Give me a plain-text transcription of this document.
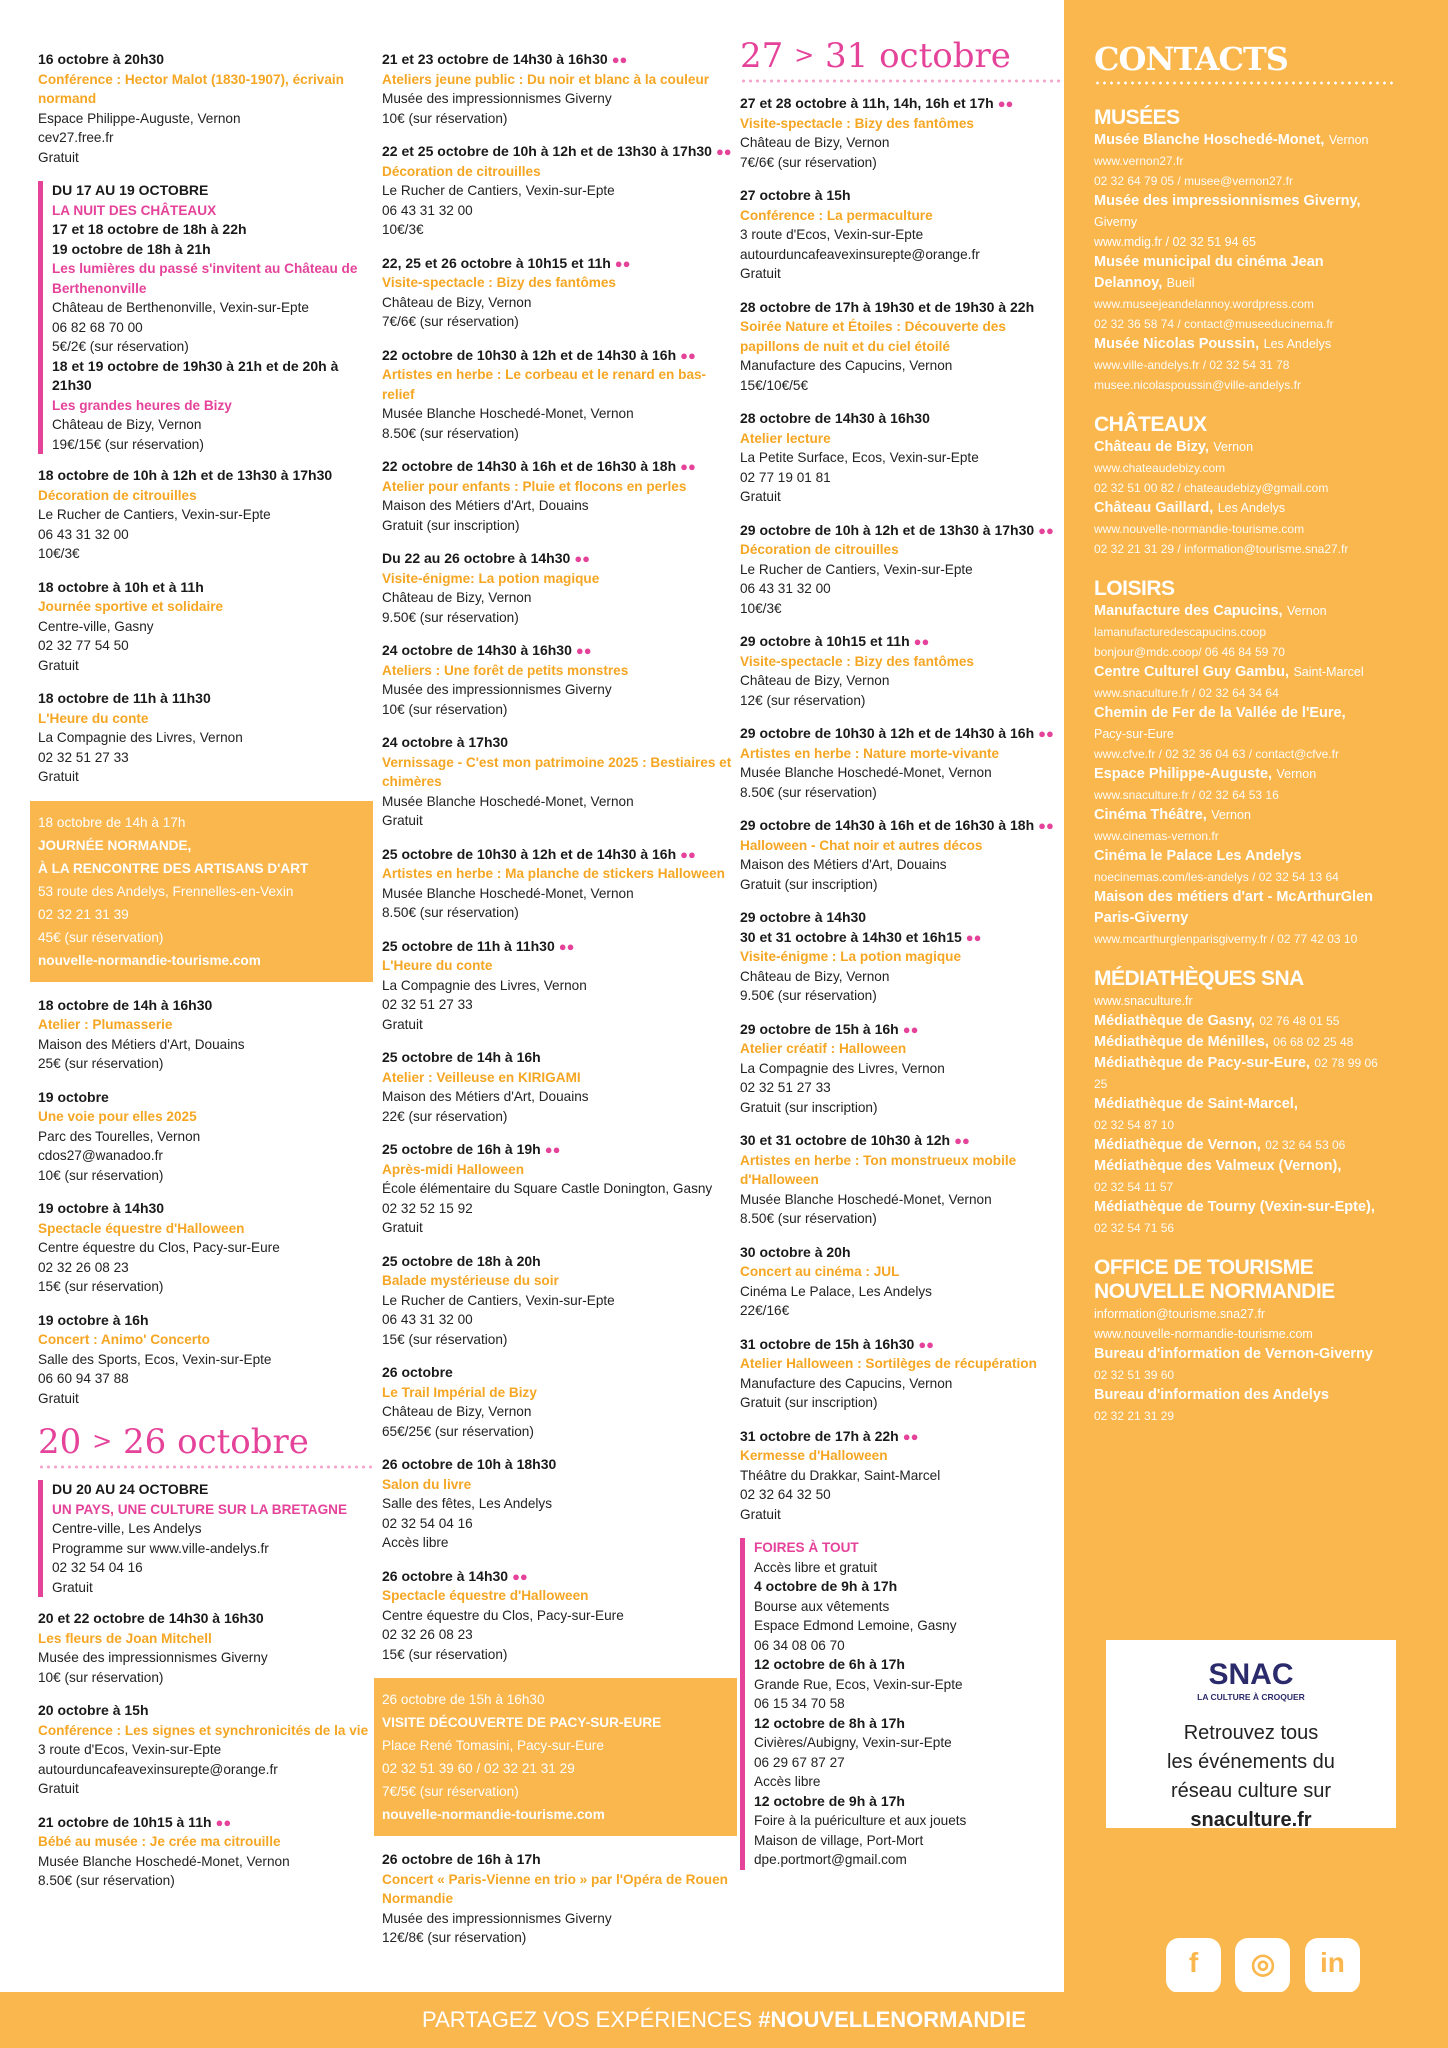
16 octobre à 20h30
Conférence : Hector Malot (1830-1907), écrivain normand
Espace Philippe-Auguste, Vernon
cev27.free.fr
Gratuit
DU 17 AU 19 OCTOBRE
LA NUIT DES CHÂTEAUX
17 et 18 octobre de 18h à 22h
19 octobre de 18h à 21h
Les lumières du passé s'invitent au Château de Berthenonville
Château de Berthenonville, Vexin-sur-Epte
06 82 68 70 00
5€/2€ (sur réservation)
18 et 19 octobre de 19h30 à 21h et de 20h à 21h30
Les grandes heures de Bizy
Château de Bizy, Vernon
19€/15€ (sur réservation)
18 octobre de 10h à 12h et de 13h30 à 17h30
Décoration de citrouilles
Le Rucher de Cantiers, Vexin-sur-Epte
06 43 31 32 00
10€/3€
18 octobre à 10h et à 11h
Journée sportive et solidaire
Centre-ville, Gasny
02 32 77 54 50
Gratuit
18 octobre de 11h à 11h30
L'Heure du conte
La Compagnie des Livres, Vernon
02 32 51 27 33
Gratuit
18 octobre de 14h à 17h
JOURNÉE NORMANDE,
À LA RENCONTRE DES ARTISANS D'ART
53 route des Andelys, Frennelles-en-Vexin
02 32 21 31 39
45€ (sur réservation)
nouvelle-normandie-tourisme.com
18 octobre de 14h à 16h30
Atelier : Plumasserie
Maison des Métiers d'Art, Douains
25€ (sur réservation)
19 octobre
Une voie pour elles 2025
Parc des Tourelles, Vernon
cdos27@wanadoo.fr
10€ (sur réservation)
19 octobre à 14h30
Spectacle équestre d'Halloween
Centre équestre du Clos, Pacy-sur-Eure
02 32 26 08 23
15€ (sur réservation)
19 octobre à 16h
Concert : Animo' Concerto
Salle des Sports, Ecos, Vexin-sur-Epte
06 60 94 37 88
Gratuit
20 > 26 octobre
DU 20 AU 24 OCTOBRE
UN PAYS, UNE CULTURE SUR LA BRETAGNE
Centre-ville, Les Andelys
Programme sur www.ville-andelys.fr
02 32 54 04 16
Gratuit
20 et 22 octobre de 14h30 à 16h30
Les fleurs de Joan Mitchell
Musée des impressionnismes Giverny
10€ (sur réservation)
20 octobre à 15h
Conférence : Les signes et synchronicités de la vie
3 route d'Ecos, Vexin-sur-Epte
autourduncafeavexinsurepte@orange.fr
Gratuit
21 octobre de 10h15 à 11h ●●
Bébé au musée : Je crée ma citrouille
Musée Blanche Hoschedé-Monet, Vernon
8.50€ (sur réservation)
21 et 23 octobre de 14h30 à 16h30 ●●
Ateliers jeune public : Du noir et blanc à la couleur
Musée des impressionnismes Giverny
10€ (sur réservation)
22 et 25 octobre de 10h à 12h et de 13h30 à 17h30 ●●
Décoration de citrouilles
Le Rucher de Cantiers, Vexin-sur-Epte
06 43 31 32 00
10€/3€
22, 25 et 26 octobre à 10h15 et 11h ●●
Visite-spectacle : Bizy des fantômes
Château de Bizy, Vernon
7€/6€ (sur réservation)
22 octobre de 10h30 à 12h et de 14h30 à 16h ●●
Artistes en herbe : Le corbeau et le renard en bas-relief
Musée Blanche Hoschedé-Monet, Vernon
8.50€ (sur réservation)
22 octobre de 14h30 à 16h et de 16h30 à 18h ●●
Atelier pour enfants : Pluie et flocons en perles
Maison des Métiers d'Art, Douains
Gratuit (sur inscription)
Du 22 au 26 octobre à 14h30 ●●
Visite-énigme: La potion magique
Château de Bizy, Vernon
9.50€ (sur réservation)
24 octobre de 14h30 à 16h30 ●●
Ateliers : Une forêt de petits monstres
Musée des impressionnismes Giverny
10€ (sur réservation)
24 octobre à 17h30
Vernissage - C'est mon patrimoine 2025 : Bestiaires et chimères
Musée Blanche Hoschedé-Monet, Vernon
Gratuit
25 octobre de 10h30 à 12h et de 14h30 à 16h ●●
Artistes en herbe : Ma planche de stickers Halloween
Musée Blanche Hoschedé-Monet, Vernon
8.50€ (sur réservation)
25 octobre de 11h à 11h30 ●●
L'Heure du conte
La Compagnie des Livres, Vernon
02 32 51 27 33
Gratuit
25 octobre de 14h à 16h
Atelier : Veilleuse en KIRIGAMI
Maison des Métiers d'Art, Douains
22€ (sur réservation)
25 octobre de 16h à 19h ●●
Après-midi Halloween
École élémentaire du Square Castle Donington, Gasny
02 32 52 15 92
Gratuit
25 octobre de 18h à 20h
Balade mystérieuse du soir
Le Rucher de Cantiers, Vexin-sur-Epte
06 43 31 32 00
15€ (sur réservation)
26 octobre
Le Trail Impérial de Bizy
Château de Bizy, Vernon
65€/25€ (sur réservation)
26 octobre de 10h à 18h30
Salon du livre
Salle des fêtes, Les Andelys
02 32 54 04 16
Accès libre
26 octobre à 14h30 ●●
Spectacle équestre d'Halloween
Centre équestre du Clos, Pacy-sur-Eure
02 32 26 08 23
15€ (sur réservation)
26 octobre de 15h à 16h30
VISITE DÉCOUVERTE DE PACY-SUR-EURE
Place René Tomasini, Pacy-sur-Eure
02 32 51 39 60 / 02 32 21 31 29
7€/5€ (sur réservation)
nouvelle-normandie-tourisme.com
26 octobre de 16h à 17h
Concert « Paris-Vienne en trio » par l'Opéra de Rouen Normandie
Musée des impressionnismes Giverny
12€/8€ (sur réservation)
27 > 31 octobre
27 et 28 octobre à 11h, 14h, 16h et 17h ●●
Visite-spectacle : Bizy des fantômes
Château de Bizy, Vernon
7€/6€ (sur réservation)
27 octobre à 15h
Conférence : La permaculture
3 route d'Ecos, Vexin-sur-Epte
autourduncafeavexinsurepte@orange.fr
Gratuit
28 octobre de 17h à 19h30 et de 19h30 à 22h
Soirée Nature et Étoiles : Découverte des papillons de nuit et du ciel étoilé
Manufacture des Capucins, Vernon
15€/10€/5€
28 octobre de 14h30 à 16h30
Atelier lecture
La Petite Surface, Ecos, Vexin-sur-Epte
02 77 19 01 81
Gratuit
29 octobre de 10h à 12h et de 13h30 à 17h30 ●●
Décoration de citrouilles
Le Rucher de Cantiers, Vexin-sur-Epte
06 43 31 32 00
10€/3€
29 octobre à 10h15 et 11h ●●
Visite-spectacle : Bizy des fantômes
Château de Bizy, Vernon
12€ (sur réservation)
29 octobre de 10h30 à 12h et de 14h30 à 16h ●●
Artistes en herbe : Nature morte-vivante
Musée Blanche Hoschedé-Monet, Vernon
8.50€ (sur réservation)
29 octobre de 14h30 à 16h et de 16h30 à 18h ●●
Halloween - Chat noir et autres décos
Maison des Métiers d'Art, Douains
Gratuit (sur inscription)
29 octobre à 14h30
30 et 31 octobre à 14h30 et 16h15 ●●
Visite-énigme : La potion magique
Château de Bizy, Vernon
9.50€ (sur réservation)
29 octobre de 15h à 16h ●●
Atelier créatif : Halloween
La Compagnie des Livres, Vernon
02 32 51 27 33
Gratuit (sur inscription)
30 et 31 octobre de 10h30 à 12h ●●
Artistes en herbe : Ton monstrueux mobile d'Halloween
Musée Blanche Hoschedé-Monet, Vernon
8.50€ (sur réservation)
30 octobre à 20h
Concert au cinéma : JUL
Cinéma Le Palace, Les Andelys
22€/16€
31 octobre de 15h à 16h30 ●●
Atelier Halloween : Sortilèges de récupération
Manufacture des Capucins, Vernon
Gratuit (sur inscription)
31 octobre de 17h à 22h ●●
Kermesse d'Halloween
Théâtre du Drakkar, Saint-Marcel
02 32 64 32 50
Gratuit
FOIRES À TOUT
Accès libre et gratuit
4 octobre de 9h à 17h
Bourse aux vêtements
Espace Edmond Lemoine, Gasny
06 34 08 06 70
12 octobre de 6h à 17h
Grande Rue, Ecos, Vexin-sur-Epte
06 15 34 70 58
12 octobre de 8h à 17h
Civières/Aubigny, Vexin-sur-Epte
06 29 67 87 27
Accès libre
12 octobre de 9h à 17h
Foire à la puériculture et aux jouets
Maison de village, Port-Mort
dpe.portmort@gmail.com
CONTACTS
MUSÉES
Musée Blanche Hoschedé-Monet, Vernon
www.vernon27.fr
02 32 64 79 05 / musee@vernon27.fr
Musée des impressionnismes Giverny, Giverny
www.mdig.fr / 02 32 51 94 65
Musée municipal du cinéma Jean Delannoy, Bueil
www.museejeandelannoy.wordpress.com
02 32 36 58 74 / contact@museeducinema.fr
Musée Nicolas Poussin, Les Andelys
www.ville-andelys.fr / 02 32 54 31 78
musee.nicolaspoussin@ville-andelys.fr
CHÂTEAUX
Château de Bizy, Vernon
www.chateaudebizy.com
02 32 51 00 82 / chateaudebizy@gmail.com
Château Gaillard, Les Andelys
www.nouvelle-normandie-tourisme.com
02 32 21 31 29 / information@tourisme.sna27.fr
LOISIRS
Manufacture des Capucins, Vernon
lamanufacturedescapucins.coop
bonjour@mdc.coop/ 06 46 84 59 70
Centre Culturel Guy Gambu, Saint-Marcel
www.snaculture.fr / 02 32 64 34 64
Chemin de Fer de la Vallée de l'Eure,
Pacy-sur-Eure
www.cfve.fr / 02 32 36 04 63 / contact@cfve.fr
Espace Philippe-Auguste, Vernon
www.snaculture.fr / 02 32 64 53 16
Cinéma Théâtre, Vernon
www.cinemas-vernon.fr
Cinéma le Palace Les Andelys
noecinemas.com/les-andelys / 02 32 54 13 64
Maison des métiers d'art - McArthurGlen Paris-Giverny
www.mcarthurglenparisgiverny.fr / 02 77 42 03 10
MÉDIATHÈQUES SNA
www.snaculture.fr
Médiathèque de Gasny, 02 76 48 01 55
Médiathèque de Ménilles, 06 68 02 25 48
Médiathèque de Pacy-sur-Eure, 02 78 99 06 25
Médiathèque de Saint-Marcel,
02 32 54 87 10
Médiathèque de Vernon, 02 32 64 53 06
Médiathèque des Valmeux (Vernon),
02 32 54 11 57
Médiathèque de Tourny (Vexin-sur-Epte),
02 32 54 71 56
OFFICE DE TOURISME
NOUVELLE NORMANDIE
information@tourisme.sna27.fr
www.nouvelle-normandie-tourisme.com
Bureau d'information de Vernon-Giverny
02 32 51 39 60
Bureau d'information des Andelys
02 32 21 31 29
SNAC
LA CULTURE À CROQUER
Retrouvez tous
les événements du
réseau culture sur
snaculture.fr
f
	◎
	in
PARTAGEZ VOS EXPÉRIENCES #NOUVELLENORMANDIE
